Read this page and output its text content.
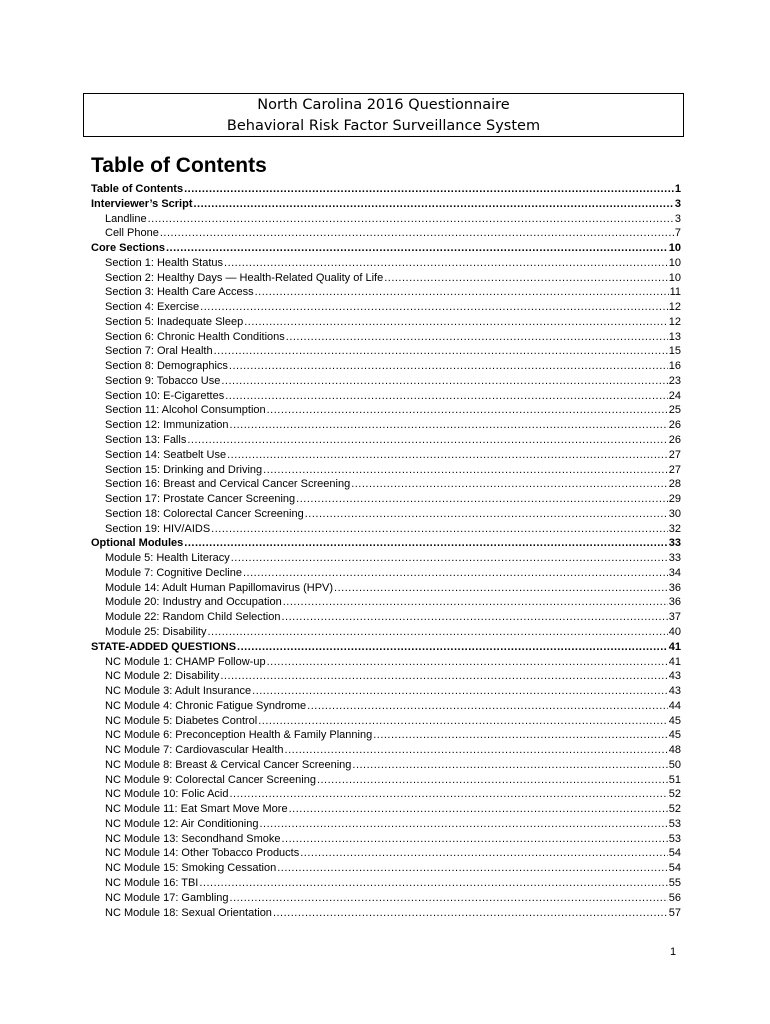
North Carolina 2016 Questionnaire
Behavioral Risk Factor Surveillance System
Table of Contents
Table of Contents .....	1
Interviewer’s Script .....	3
Landline .....	3
Cell Phone .....	7
Core Sections .....	10
Section 1: Health Status .....	10
Section 2: Healthy Days — Health-Related Quality of Life .....	10
Section 3: Health Care Access .....	11
Section 4: Exercise .....	12
Section 5: Inadequate Sleep .....	12
Section 6: Chronic Health Conditions .....	13
Section 7: Oral Health .....	15
Section 8: Demographics .....	16
Section 9: Tobacco Use .....	23
Section 10: E-Cigarettes .....	24
Section 11: Alcohol Consumption .....	25
Section 12: Immunization .....	26
Section 13: Falls .....	26
Section 14: Seatbelt Use .....	27
Section 15: Drinking and Driving .....	27
Section 16: Breast and Cervical Cancer Screening .....	28
Section 17: Prostate Cancer Screening .....	29
Section 18: Colorectal Cancer Screening .....	30
Section 19: HIV/AIDS .....	32
Optional Modules .....	33
Module 5: Health Literacy .....	33
Module 7: Cognitive Decline .....	34
Module 14: Adult Human Papillomavirus (HPV) .....	36
Module 20: Industry and Occupation .....	36
Module 22: Random Child Selection .....	37
Module 25: Disability .....	40
STATE-ADDED QUESTIONS .....	41
NC Module 1: CHAMP Follow-up .....	41
NC Module 2: Disability .....	43
NC Module 3: Adult Insurance .....	43
NC Module 4: Chronic Fatigue Syndrome .....	44
NC Module 5: Diabetes Control .....	45
NC Module 6: Preconception Health & Family Planning .....	45
NC Module 7: Cardiovascular Health .....	48
NC Module 8: Breast & Cervical Cancer Screening .....	50
NC Module 9: Colorectal Cancer Screening .....	51
NC Module 10: Folic Acid .....	52
NC Module 11: Eat Smart Move More .....	52
NC Module 12: Air Conditioning .....	53
NC Module 13: Secondhand Smoke .....	53
NC Module 14: Other Tobacco Products .....	54
NC Module 15: Smoking Cessation .....	54
NC Module 16: TBI .....	55
NC Module 17: Gambling .....	56
NC Module 18: Sexual Orientation .....	57
1
